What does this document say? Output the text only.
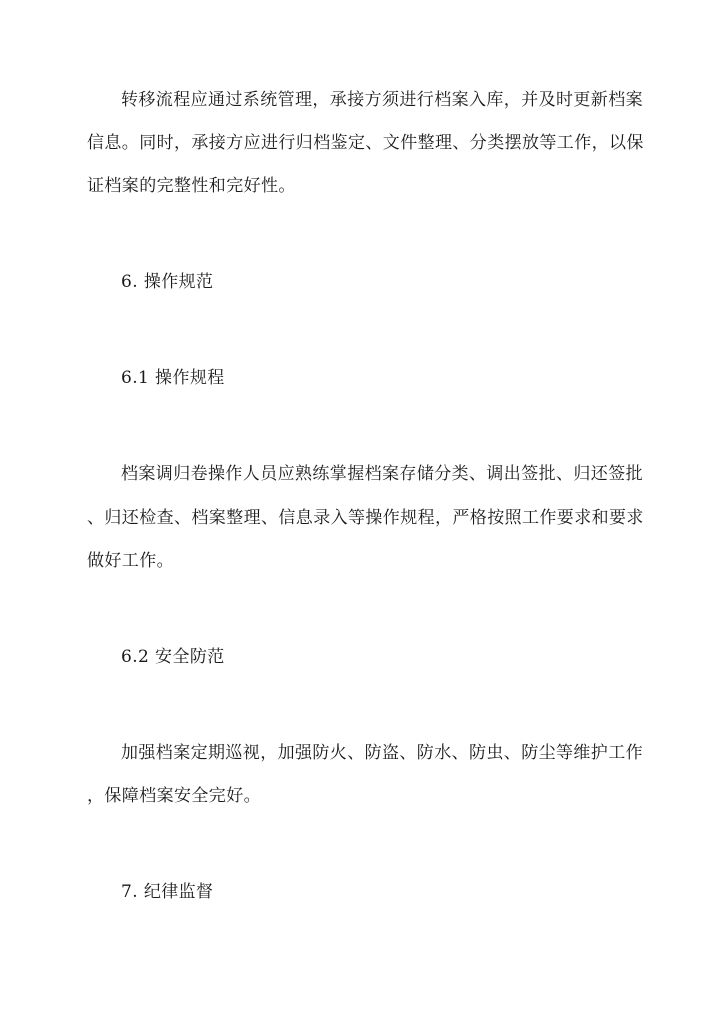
转移流程应通过系统管理，承接方须进行档案入库，并及时更新档案
信息。同时，承接方应进行归档鉴定、文件整理、分类摆放等工作，以保
证档案的完整性和完好性。
6. 操作规范
6.1 操作规程
档案调归卷操作人员应熟练掌握档案存储分类、调出签批、归还签批
、归还检查、档案整理、信息录入等操作规程，严格按照工作要求和要求
做好工作。
6.2 安全防范
加强档案定期巡视，加强防火、防盗、防水、防虫、防尘等维护工作
，保障档案安全完好。
7. 纪律监督
